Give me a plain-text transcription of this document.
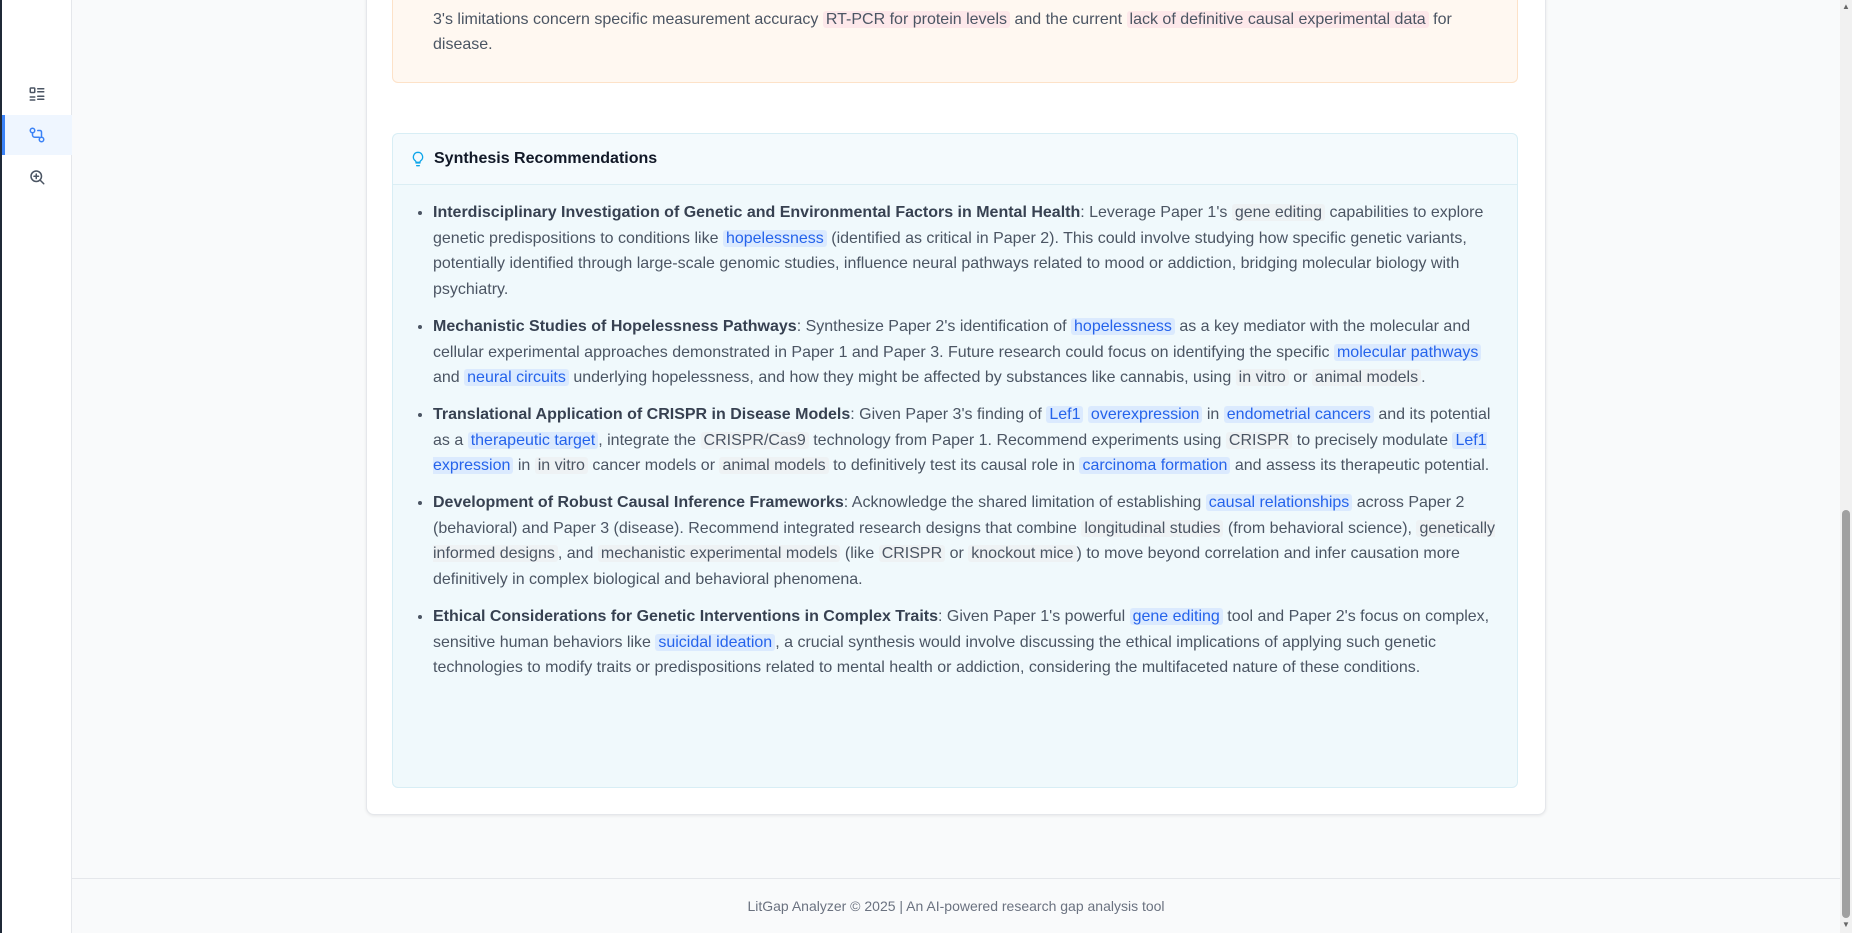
3's limitations concern specific measurement accuracy RT-PCR for protein levels and the current lack of definitive causal experimental data for disease.
Synthesis Recommendations
• Interdisciplinary Investigation of Genetic and Environmental Factors in Mental Health: Leverage Paper 1's gene editing capabilities to explore genetic predispositions to conditions like hopelessness (identified as critical in Paper 2). This could involve studying how specific genetic variants, potentially identified through large-scale genomic studies, influence neural pathways related to mood or addiction, bridging molecular biology with psychiatry.
• Mechanistic Studies of Hopelessness Pathways: Synthesize Paper 2's identification of hopelessness as a key mediator with the molecular and cellular experimental approaches demonstrated in Paper 1 and Paper 3. Future research could focus on identifying the specific molecular pathways and neural circuits underlying hopelessness, and how they might be affected by substances like cannabis, using in vitro or animal models .
• Translational Application of CRISPR in Disease Models: Given Paper 3's finding of Lef1 overexpression in endometrial cancers and its potential as a therapeutic target , integrate the CRISPR/Cas9 technology from Paper 1. Recommend experiments using CRISPR to precisely modulate Lef1 expression in in vitro cancer models or animal models to definitively test its causal role in carcinoma formation and assess its therapeutic potential.
• Development of Robust Causal Inference Frameworks: Acknowledge the shared limitation of establishing causal relationships across Paper 2 (behavioral) and Paper 3 (disease). Recommend integrated research designs that combine longitudinal studies (from behavioral science), genetically informed designs , and mechanistic experimental models (like CRISPR or knockout mice ) to move beyond correlation and infer causation more definitively in complex biological and behavioral phenomena.
• Ethical Considerations for Genetic Interventions in Complex Traits: Given Paper 1's powerful gene editing tool and Paper 2's focus on complex, sensitive human behaviors like suicidal ideation , a crucial synthesis would involve discussing the ethical implications of applying such genetic technologies to modify traits or predispositions related to mental health or addiction, considering the multifaceted nature of these conditions.
LitGap Analyzer © 2025 | An AI-powered research gap analysis tool
▲
▼
